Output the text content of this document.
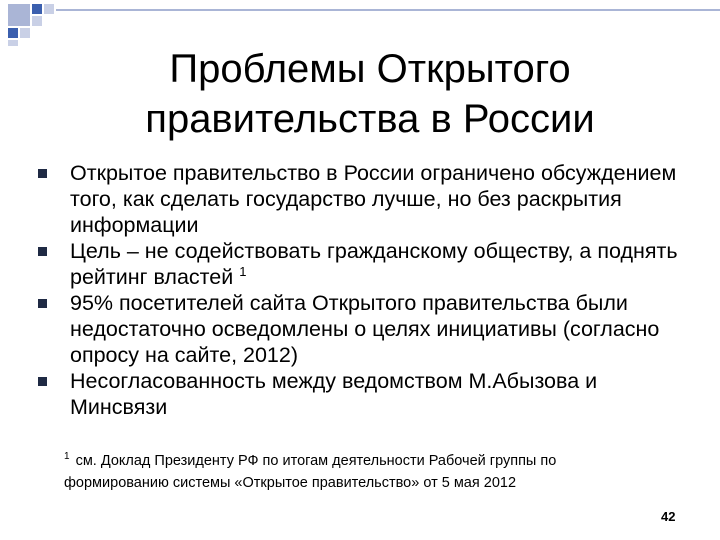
Проблемы Открытого
правительства в России
Открытое правительство в России ограничено обсуждением того, как сделать государство лучше, но без раскрытия информации
Цель – не содействовать гражданскому обществу, а поднять рейтинг властей $^1$
95% посетителей сайта Открытого правительства были недостаточно осведомлены о целях инициативы (согласно опросу на сайте, 2012)
Несогласованность между ведомством М.Абызова и Минсвязи
$^1$ см. Доклад Президенту РФ по итогам деятельности Рабочей группы по формированию системы «Открытое правительство» от 5 мая 2012
42
